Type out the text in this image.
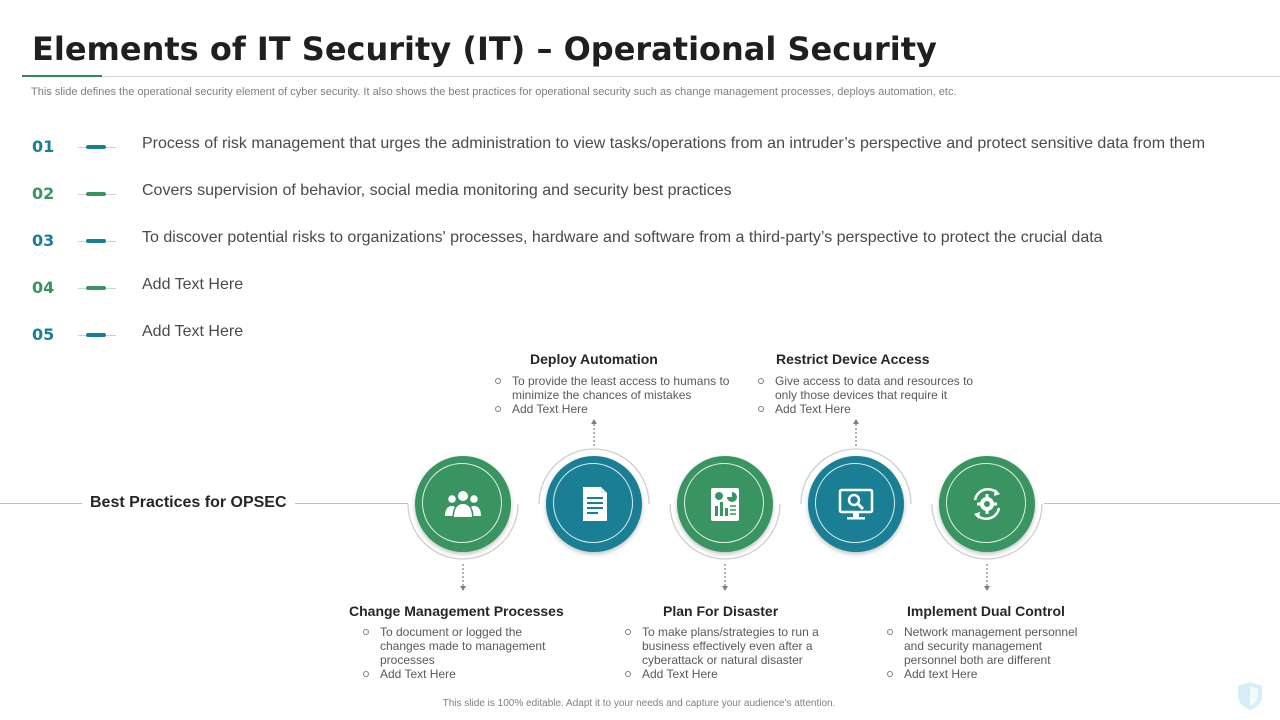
Elements of IT Security (IT) – Operational Security
This slide defines the operational security element of cyber security. It also shows the best practices for operational security such as change management processes, deploys automation, etc.
01	Process of risk management that urges the administration to view tasks/operations from an intruder’s perspective and protect sensitive data from them
02	Covers supervision of behavior, social media monitoring and security best practices
03	To discover potential risks to organizations' processes, hardware and software from a third-party’s perspective to protect the crucial data
04	Add Text Here
05	Add Text Here
Best Practices for OPSEC
Deploy Automation
To provide the least access to humans to minimize the chances of mistakes
Add Text Here
Restrict Device Access
Give access to data and resources to only those devices that require it
Add Text Here
Change Management Processes
To document or logged the changes made to management processes
Add Text Here
Plan For Disaster
To make plans/strategies to run a business effectively even after a cyberattack or natural disaster
Add Text Here
Implement Dual Control
Network management personnel and security management personnel both are different
Add text Here
This slide is 100% editable. Adapt it to your needs and capture your audience's attention.
